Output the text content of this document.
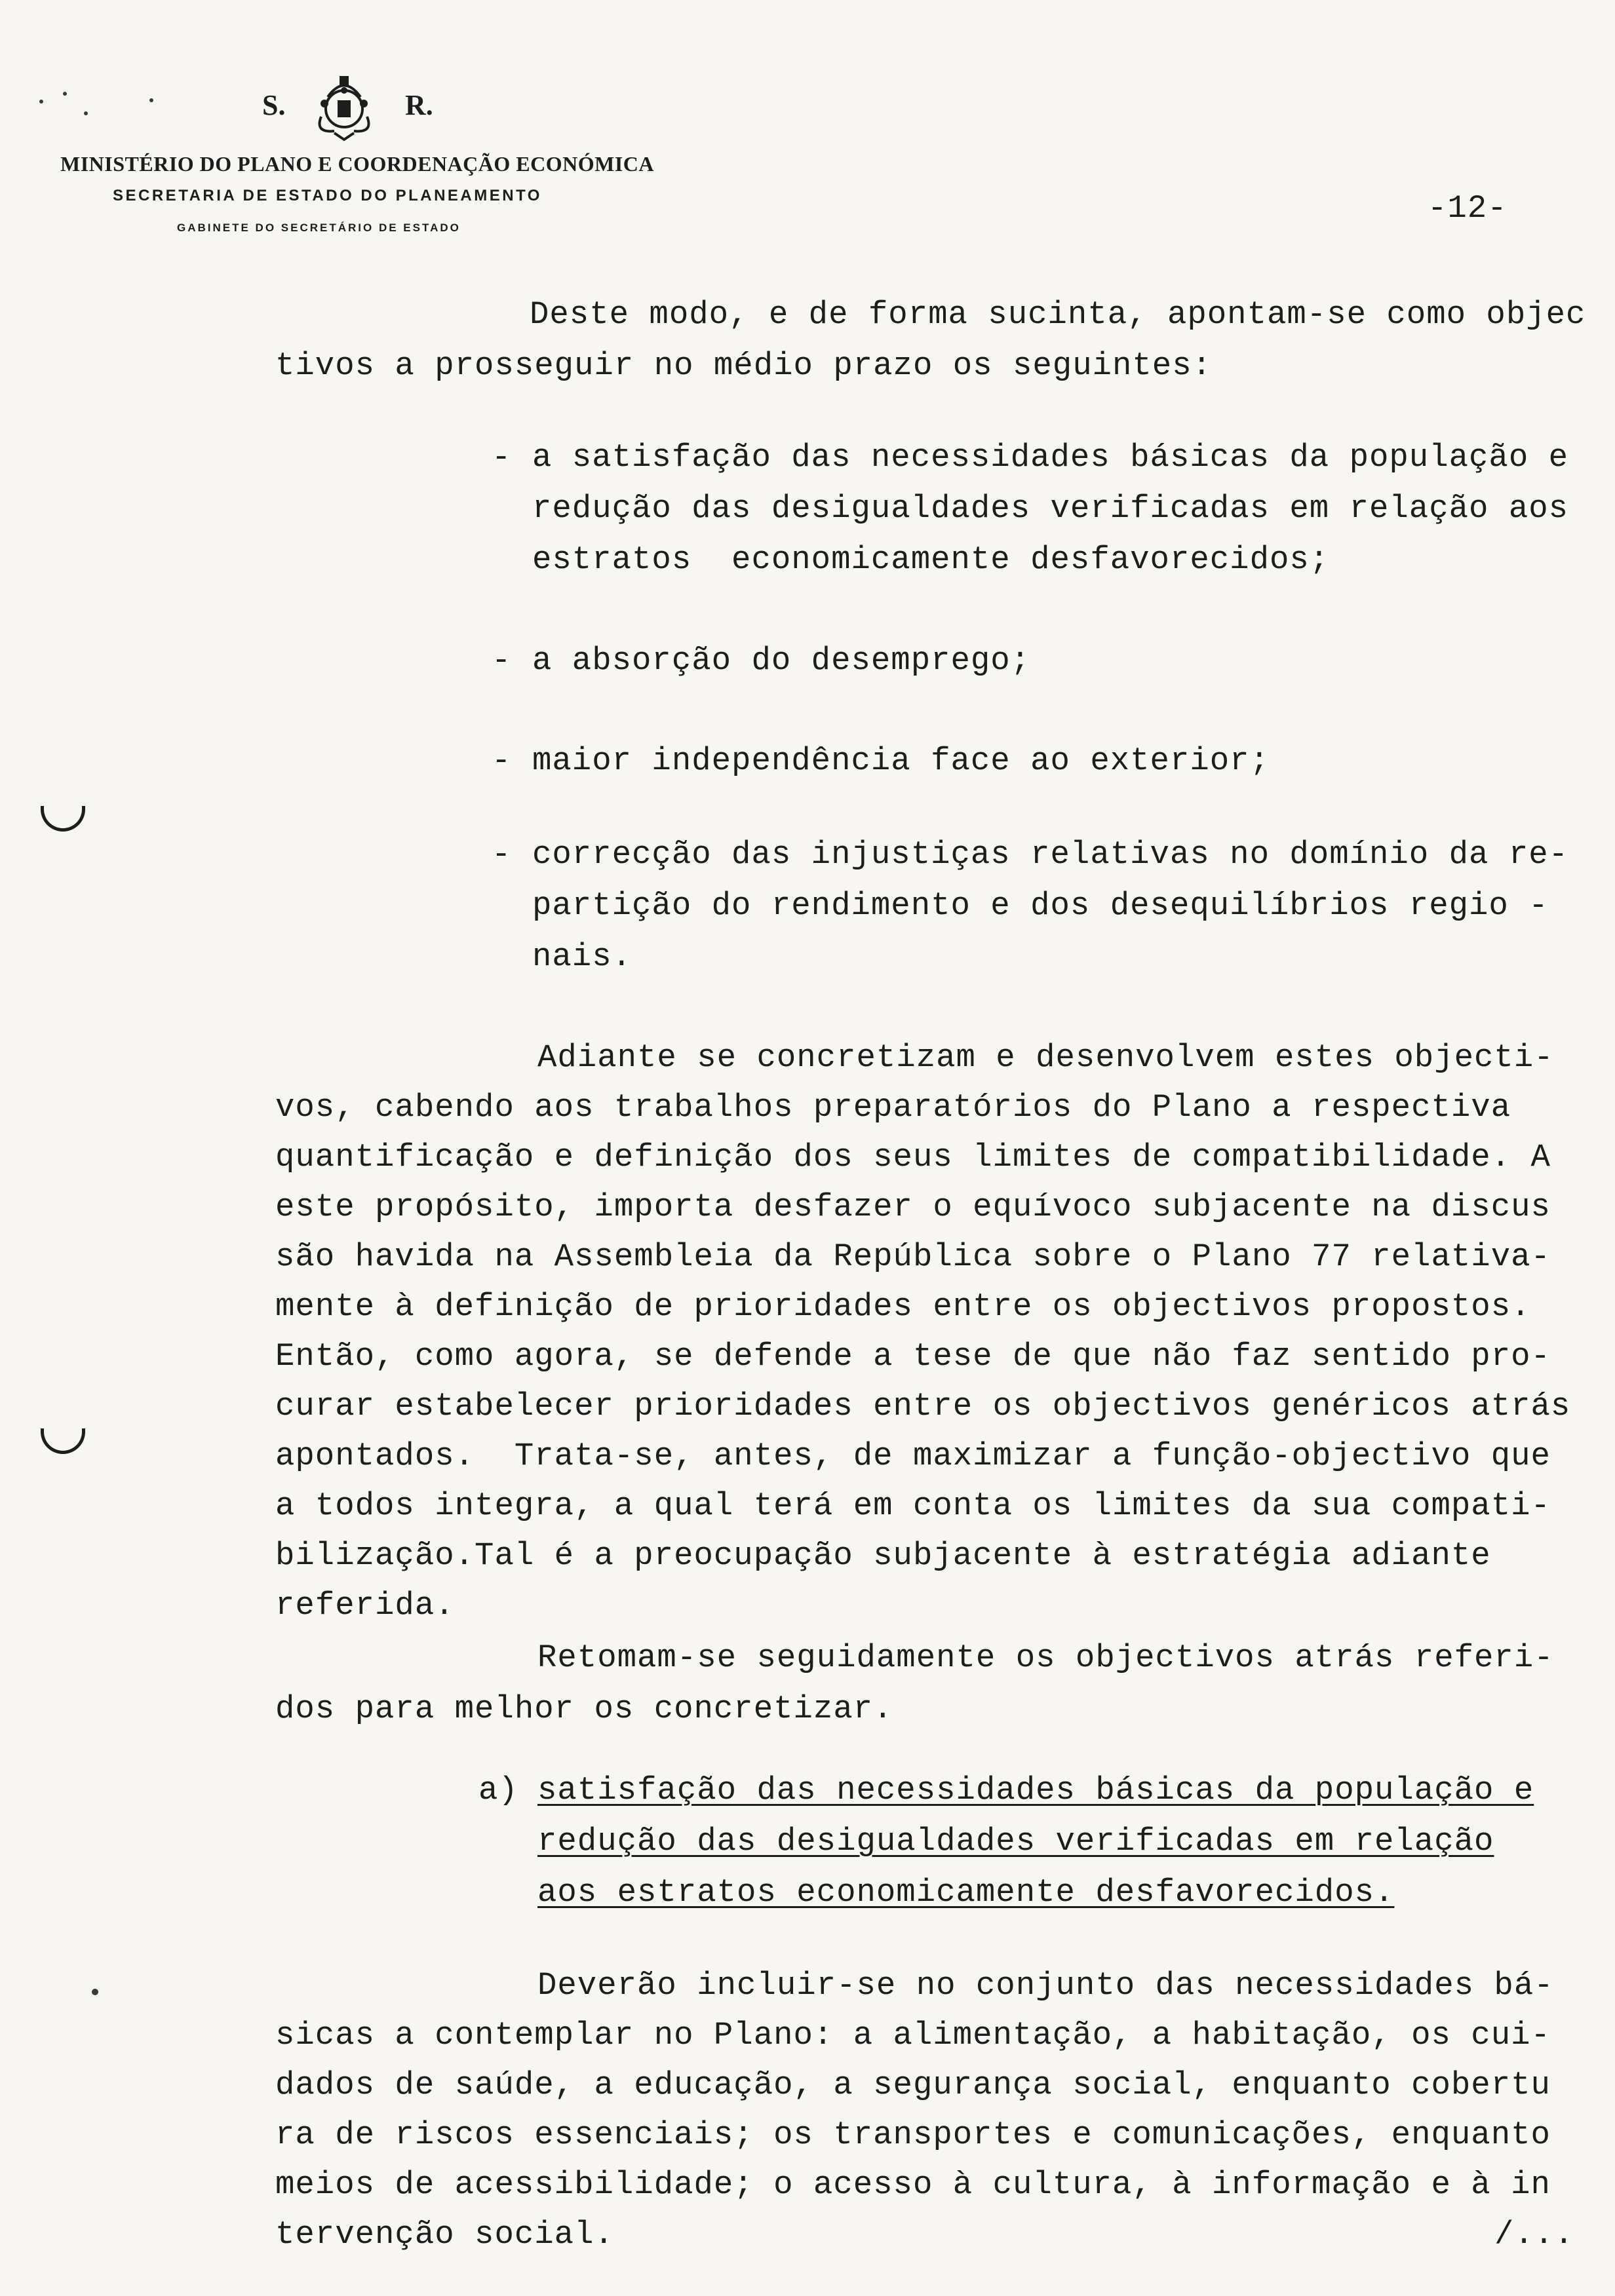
S.	R.
MINISTÉRIO DO PLANO E COORDENAÇÃO ECONÓMICA
SECRETARIA DE ESTADO DO PLANEAMENTO
GABINETE DO SECRETÁRIO DE ESTADO
-12-
Deste modo, e de forma sucinta, apontam-se como objec
tivos a prosseguir no médio prazo os seguintes:
- a satisfação das necessidades básicas da população e
redução das desigualdades verificadas em relação aos
estratos  economicamente desfavorecidos;
- a absorção do desemprego;
- maior independência face ao exterior;
- correcção das injustiças relativas no domínio da re-
partição do rendimento e dos desequilíbrios regio -
nais.
Adiante se concretizam e desenvolvem estes objecti-
vos, cabendo aos trabalhos preparatórios do Plano a respectiva
quantificação e definição dos seus limites de compatibilidade. A
este propósito, importa desfazer o equívoco subjacente na discus
são havida na Assembleia da República sobre o Plano 77 relativa-
mente à definição de prioridades entre os objectivos propostos.
Então, como agora, se defende a tese de que não faz sentido pro-
curar estabelecer prioridades entre os objectivos genéricos atrás
apontados.  Trata-se, antes, de maximizar a função-objectivo que
a todos integra, a qual terá em conta os limites da sua compati-
bilização.Tal é a preocupação subjacente à estratégia adiante
referida.
Retomam-se seguidamente os objectivos atrás referi-
dos para melhor os concretizar.
a) satisfação das necessidades básicas da população e
redução das desigualdades verificadas em relação
aos estratos economicamente desfavorecidos.
Deverão incluir-se no conjunto das necessidades bá-
sicas a contemplar no Plano: a alimentação, a habitação, os cui-
dados de saúde, a educação, a segurança social, enquanto cobertu
ra de riscos essenciais; os transportes e comunicações, enquanto
meios de acessibilidade; o acesso à cultura, à informação e à in
tervenção social.	/...
